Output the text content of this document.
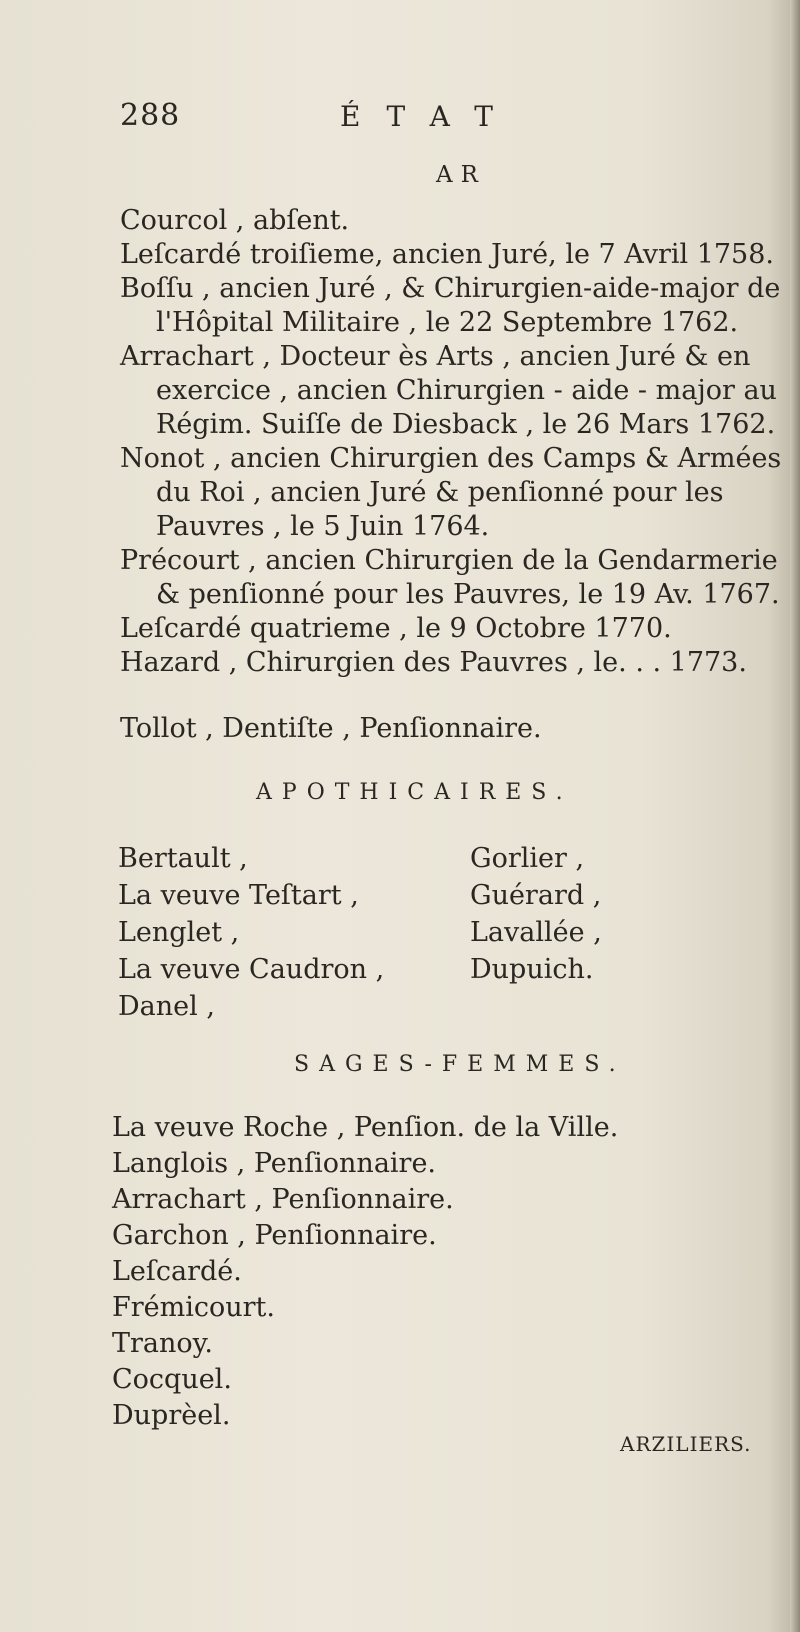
288	ÉTAT
AR
Courcol , abſent.
Leſcardé troiſieme, ancien Juré, le 7 Avril 1758.
Boſſu , ancien Juré , & Chirurgien-aide-major de
l'Hôpital Militaire , le 22 Septembre 1762.
Arrachart , Docteur ès Arts , ancien Juré & en
exercice , ancien Chirurgien - aide - major au
Régim. Suiſſe de Diesback , le 26 Mars 1762.
Nonot , ancien Chirurgien des Camps & Armées
du Roi , ancien Juré & penſionné pour les
Pauvres , le 5 Juin 1764.
Précourt , ancien Chirurgien de la Gendarmerie
& penſionné pour les Pauvres, le 19 Av. 1767.
Leſcardé quatrieme , le 9 Octobre 1770.
Hazard , Chirurgien des Pauvres , le. . . 1773.
Tollot , Dentiſte , Penſionnaire.
APOTHICAIRES.
Bertault ,
La veuve Teſtart ,
Lenglet ,
La veuve Caudron ,
Danel ,
Gorlier ,
Guérard ,
Lavallée ,
Dupuich.
SAGES-FEMMES.
La veuve Roche , Penſion. de la Ville.
Langlois , Penſionnaire.
Arrachart , Penſionnaire.
Garchon , Penſionnaire.
Leſcardé.
Frémicourt.
Tranoy.
Cocquel.
Duprèel.
ARZILIERS.
